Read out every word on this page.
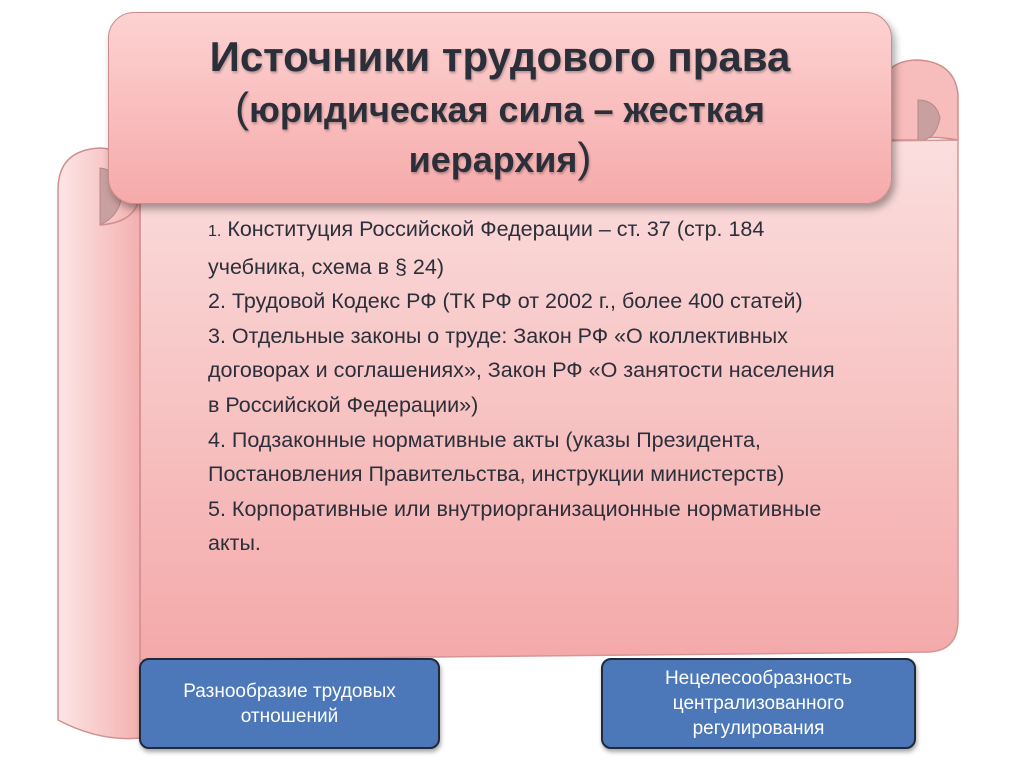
Источники трудового права
(юридическая сила – жесткая
иерархия)
1. Конституция Российской Федерации – ст. 37 (стр. 184 учебника, схема в § 24)
2. Трудовой Кодекс РФ (ТК РФ от 2002 г., более 400 статей)
3. Отдельные законы о труде: Закон РФ «О коллективных договорах и соглашениях», Закон РФ «О занятости населения в Российской Федерации»)
4. Подзаконные нормативные акты (указы Президента, Постановления Правительства, инструкции министерств)
5. Корпоративные или внутриорганизационные нормативные акты.
Разнообразие трудовых отношений
Нецелесообразность централизованного регулирования
